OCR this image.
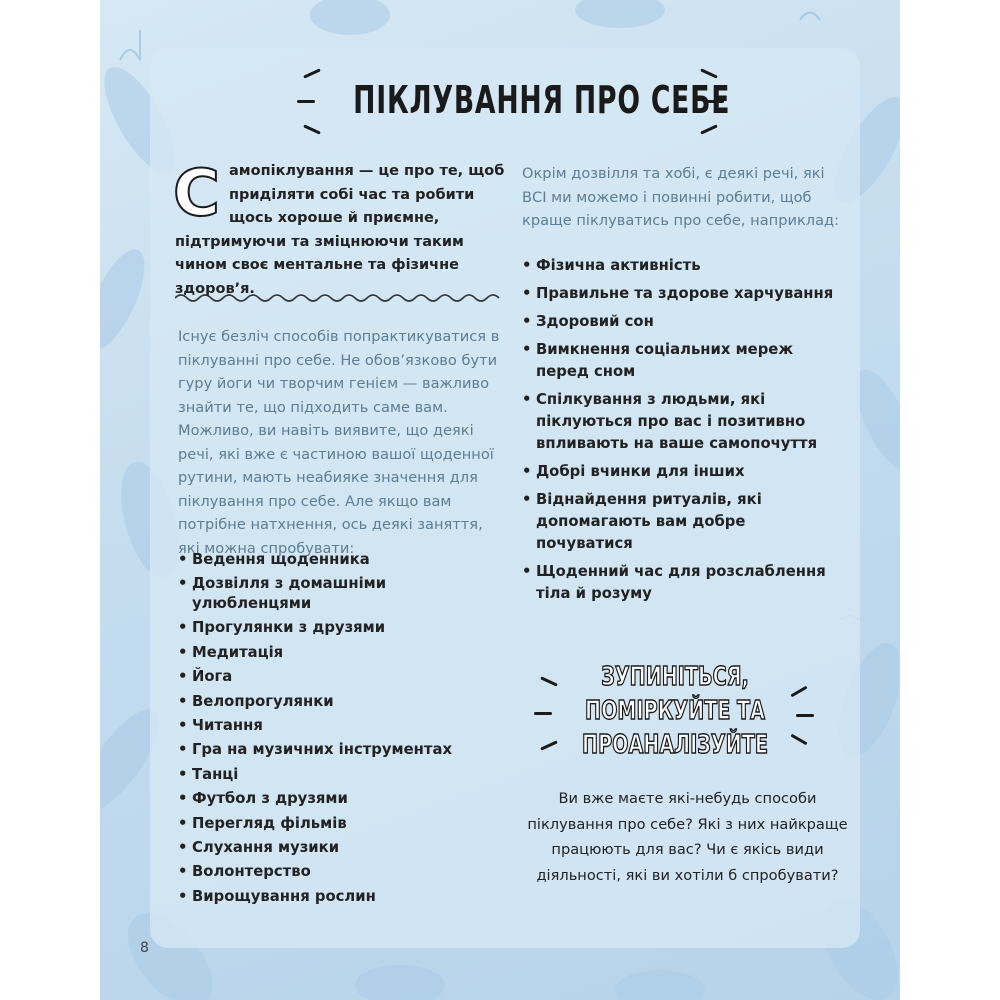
ПІКЛУВАННЯ ПРО СЕБЕ
С амопіклування — це про те, щоб приділяти собі час та робити щось хороше й приємне, підтримуючи та зміцнюючи таким чином своє ментальне та фізичне здоров’я.

Існує безліч способів попрактикуватися в піклуванні про себе. Не обов’язково бути гуру йоги чи творчим генієм — важливо знайти те, що підходить саме вам. Можливо, ви навіть виявите, що деякі речі, які вже є частиною вашої щоденної рутини, мають неабияке значення для піклування про себе. Але якщо вам потрібне натхнення, ось деякі заняття, які можна спробувати:

• Ведення щоденника
• Дозвілля з домашніми улюбленцями
• Прогулянки з друзями
• Медитація
• Йога
• Велопрогулянки
• Читання
• Гра на музичних інструментах
• Танці
• Футбол з друзями
• Перегляд фільмів
• Слухання музики
• Волонтерство
• Вирощування рослин

Окрім дозвілля та хобі, є деякі речі, які ВСІ ми можемо і повинні робити, щоб краще піклуватись про себе, наприклад:

• Фізична активність
• Правильне та здорове харчування
• Здоровий сон
• Вимкнення соціальних мереж перед сном
• Спілкування з людьми, які піклуються про вас і позитивно впливають на ваше самопочуття
• Добрі вчинки для інших
• Віднайдення ритуалів, які допомагають вам добре почуватися
• Щоденний час для розслаблення тіла й розуму
ЗУПИНІТЬСЯ,
ПОМІРКУЙТЕ ТА
ПРОАНАЛІЗУЙТЕ

Ви вже маєте які-небудь способи піклування про себе? Які з них найкраще працюють для вас? Чи є якісь види діяльності, які ви хотіли б спробувати?

8
